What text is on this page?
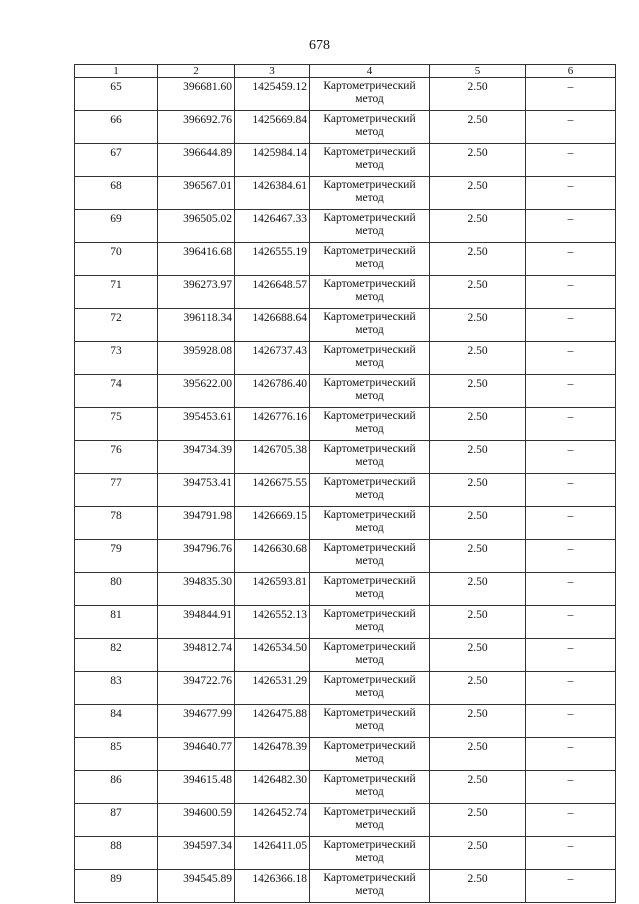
678
1	2	3	4	5	6
65	396681.60	1425459.12	Картометрический метод	2.50	–
66	396692.76	1425669.84	Картометрический метод	2.50	–
67	396644.89	1425984.14	Картометрический метод	2.50	–
68	396567.01	1426384.61	Картометрический метод	2.50	–
69	396505.02	1426467.33	Картометрический метод	2.50	–
70	396416.68	1426555.19	Картометрический метод	2.50	–
71	396273.97	1426648.57	Картометрический метод	2.50	–
72	396118.34	1426688.64	Картометрический метод	2.50	–
73	395928.08	1426737.43	Картометрический метод	2.50	–
74	395622.00	1426786.40	Картометрический метод	2.50	–
75	395453.61	1426776.16	Картометрический метод	2.50	–
76	394734.39	1426705.38	Картометрический метод	2.50	–
77	394753.41	1426675.55	Картометрический метод	2.50	–
78	394791.98	1426669.15	Картометрический метод	2.50	–
79	394796.76	1426630.68	Картометрический метод	2.50	–
80	394835.30	1426593.81	Картометрический метод	2.50	–
81	394844.91	1426552.13	Картометрический метод	2.50	–
82	394812.74	1426534.50	Картометрический метод	2.50	–
83	394722.76	1426531.29	Картометрический метод	2.50	–
84	394677.99	1426475.88	Картометрический метод	2.50	–
85	394640.77	1426478.39	Картометрический метод	2.50	–
86	394615.48	1426482.30	Картометрический метод	2.50	–
87	394600.59	1426452.74	Картометрический метод	2.50	–
88	394597.34	1426411.05	Картометрический метод	2.50	–
89	394545.89	1426366.18	Картометрический метод	2.50	–
